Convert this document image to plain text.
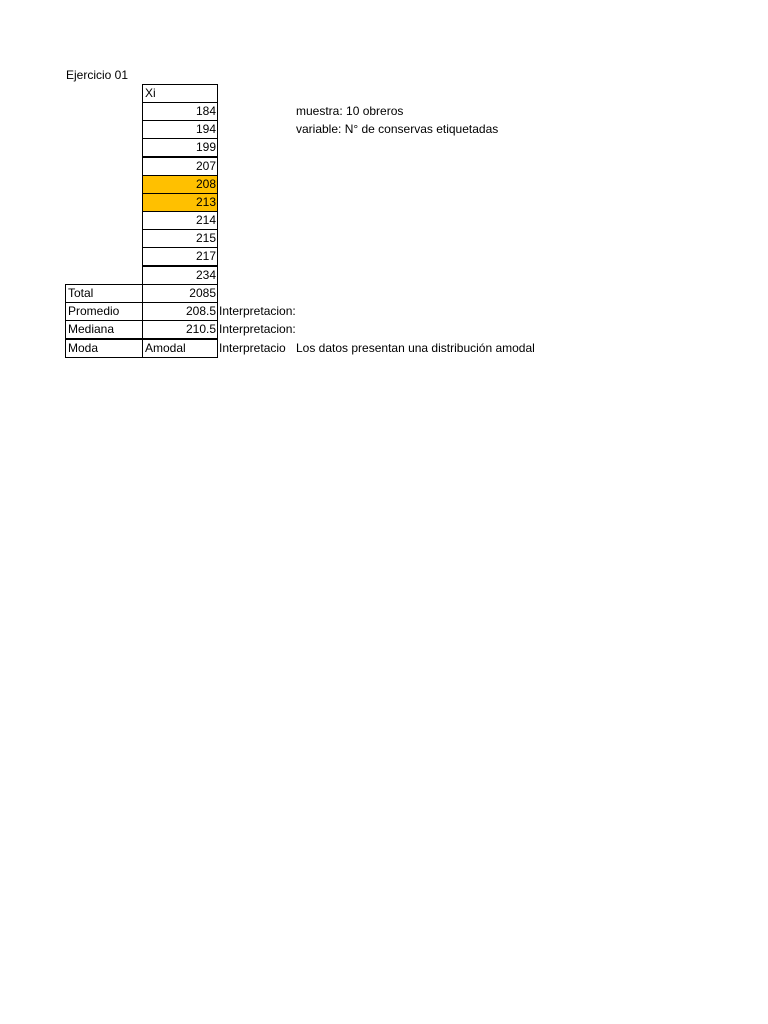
Ejercicio 01
Xi
184
194
199
207
208
213
214
215
217
234
muestra: 10 obreros
variable: N° de conservas etiquetadas
Total	2085
Promedio	208.5 Interpretacion:
Mediana	210.5 Interpretacion:
Moda	Amodal	Interpretacio Los datos presentan una distribución amodal
